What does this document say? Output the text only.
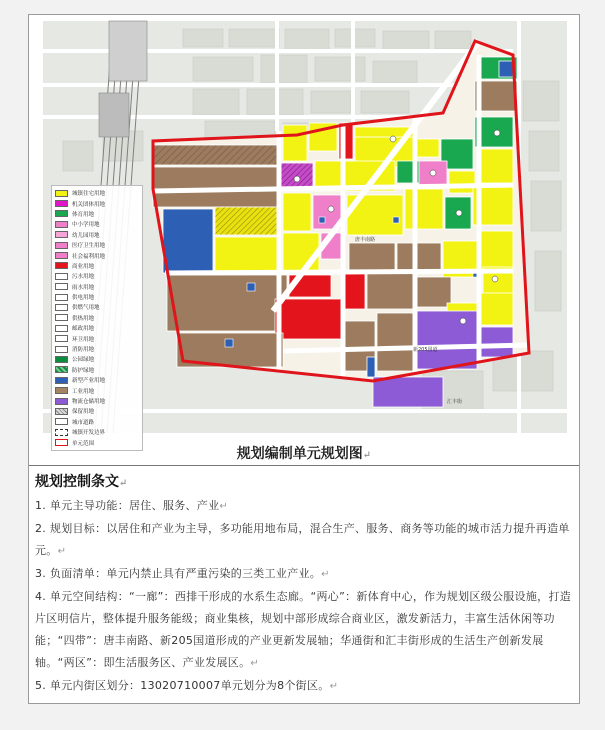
唐丰南路
新205国道
汇丰街
城镇住宅用地
机关团体用地
体育用地
中小学用地
幼儿园用地
医疗卫生用地
社会福利用地
商业用地
污水用地
雨水用地
供电用地
供燃气用地
供热用地
邮政用地
环卫用地
消防用地
公园绿地
防护绿地
新型产业用地
工业用地
物流仓储用地
保留用地
城市道路
城镇开发边界
单元范围
规划编制单元规划图↵
规划控制条文↵
1. 单元主导功能：居住、服务、产业↵
2. 规划目标：以居住和产业为主导，多功能用地布局，混合生产、服务、商务等功能的城市活力提升再造单元。↵
3. 负面清单：单元内禁止具有严重污染的三类工业产业。↵
4. 单元空间结构：“一廊”：西排干形成的水系生态廊。“两心”：新体育中心，作为规划区级公服设施，打造片区明信片，整体提升服务能级；商业集核，规划中部形成综合商业区，激发新活力，丰富生活休闲等功能；“四带”：唐丰南路、新205国道形成的产业更新发展轴；华通街和汇丰街形成的生活生产创新发展轴。“两区”：即生活服务区、产业发展区。↵
5. 单元内街区划分：13020710007单元划分为8个街区。↵
